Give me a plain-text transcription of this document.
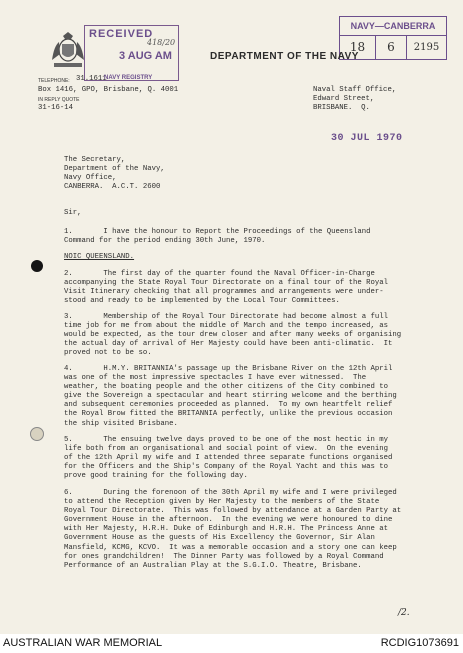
RECEIVED
418/20
3 AUG AM
NAVY—CANBERRA
18	6	2195
DEPARTMENT OF THE NAVY
TELEPHONE: 31.1611
NAVY REGISTRY
Box 1416, GPO, Brisbane, Q. 4001
IN REPLY QUOTE
31-16-14
Naval Staff Office,
Edward Street,
BRISBANE.  Q.
30 JUL 1970
The Secretary,
Department of the Navy,
Navy Office,
CANBERRA.  A.C.T. 2600
Sir,
1.       I have the honour to Report the Proceedings of the Queensland
Command for the period ending 30th June, 1970.
NOIC QUEENSLAND.
2.       The first day of the quarter found the Naval Officer-in-Charge
accompanying the State Royal Tour Directorate on a final tour of the Royal
Visit Itinerary checking that all programmes and arrangements were under-
stood and ready to be implemented by the Local Tour Committees.
3.       Membership of the Royal Tour Directorate had become almost a full
time job for me from about the middle of March and the tempo increased, as
would be expected, as the tour drew closer and after many weeks of organising
the actual day of arrival of Her Majesty could have been anti-climatic.  It
proved not to be so.
4.       H.M.Y. BRITANNIA's passage up the Brisbane River on the 12th April
was one of the most impressive spectacles I have ever witnessed.  The
weather, the boating people and the other citizens of the City combined to
give the Sovereign a spectacular and heart stirring welcome and the berthing
and subsequent ceremonies proceeded as planned.  To my own heartfelt relief
the Royal Brow fitted the BRITANNIA perfectly, unlike the previous occasion
the ship visited Brisbane.
5.       The ensuing twelve days proved to be one of the most hectic in my
life both from an organisational and social point of view.  On the evening
of the 12th April my wife and I attended three separate functions organised
for the Officers and the Ship's Company of the Royal Yacht and this was to
prove good training for the following day.
6.       During the forenoon of the 30th April my wife and I were privileged
to attend the Reception given by Her Majesty to the members of the State
Royal Tour Directorate.  This was followed by attendance at a Garden Party at
Government House in the afternoon.  In the evening we were honoured to dine
with Her Majesty, H.R.H. Duke of Edinburgh and H.R.H. The Princess Anne at
Government House as the guests of His Excellency the Governor, Sir Alan
Mansfield, KCMG, KCVO.  It was a memorable occasion and a story one can keep
for ones grandchildren!  The Dinner Party was followed by a Royal Command
Performance of an Australian Play at the S.G.I.O. Theatre, Brisbane.
/2.
AUSTRALIAN WAR MEMORIAL	RCDIG1073691
